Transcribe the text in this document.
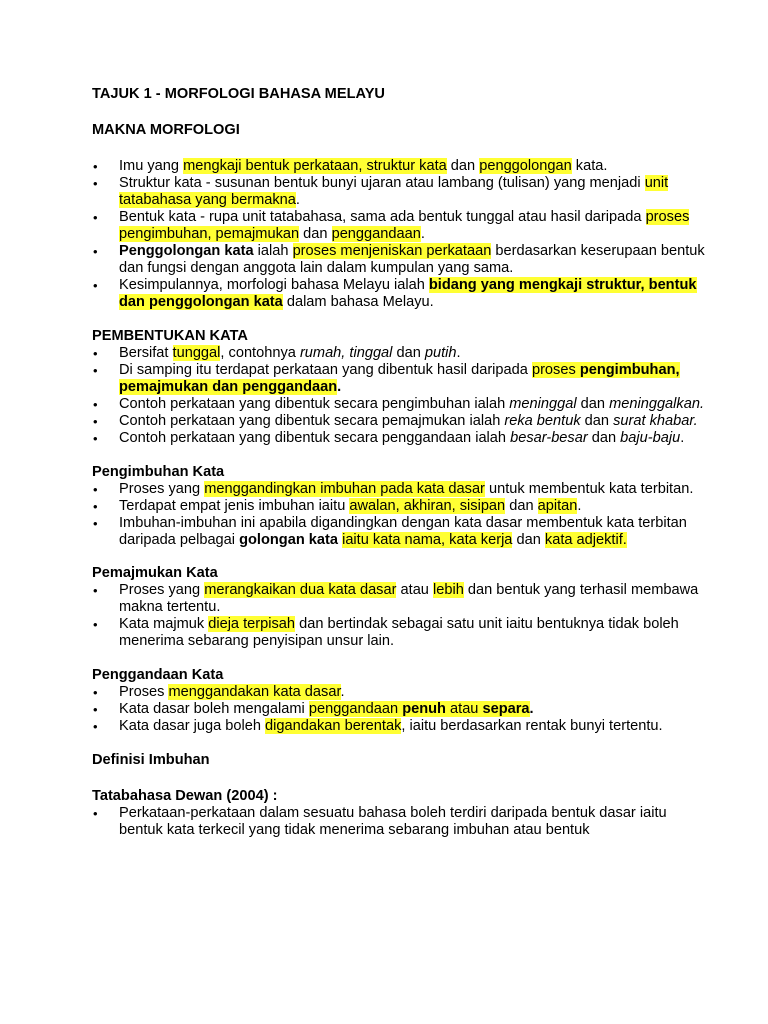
TAJUK 1 - MORFOLOGI BAHASA MELAYU
MAKNA MORFOLOGI
• Imu yang mengkaji bentuk perkataan, struktur kata dan penggolongan kata.
• Struktur kata - susunan bentuk bunyi ujaran atau lambang (tulisan) yang menjadi unit tatabahasa yang bermakna.
• Bentuk kata - rupa unit tatabahasa, sama ada bentuk tunggal atau hasil daripada proses pengimbuhan, pemajmukan dan penggandaan.
• Penggolongan kata ialah proses menjeniskan perkataan berdasarkan keserupaan bentuk dan fungsi dengan anggota lain dalam kumpulan yang sama.
• Kesimpulannya, morfologi bahasa Melayu ialah bidang yang mengkaji struktur, bentuk dan penggolongan kata dalam bahasa Melayu.
PEMBENTUKAN KATA
• Bersifat tunggal, contohnya rumah, tinggal dan putih.
• Di samping itu terdapat perkataan yang dibentuk hasil daripada proses pengimbuhan, pemajmukan dan penggandaan.
• Contoh perkataan yang dibentuk secara pengimbuhan ialah meninggal dan meninggalkan.
• Contoh perkataan yang dibentuk secara pemajmukan ialah reka bentuk dan surat khabar.
• Contoh perkataan yang dibentuk secara penggandaan ialah besar-besar dan baju-baju.
Pengimbuhan Kata
• Proses yang menggandingkan imbuhan pada kata dasar untuk membentuk kata terbitan.
• Terdapat empat jenis imbuhan iaitu awalan, akhiran, sisipan dan apitan.
• Imbuhan-imbuhan ini apabila digandingkan dengan kata dasar membentuk kata terbitan daripada pelbagai golongan kata iaitu kata nama, kata kerja dan kata adjektif.
Pemajmukan Kata
• Proses yang merangkaikan dua kata dasar atau lebih dan bentuk yang terhasil membawa makna tertentu.
• Kata majmuk dieja terpisah dan bertindak sebagai satu unit iaitu bentuknya tidak boleh menerima sebarang penyisipan unsur lain.
Penggandaan Kata
• Proses menggandakan kata dasar.
• Kata dasar boleh mengalami penggandaan penuh atau separa.
• Kata dasar juga boleh digandakan berentak, iaitu berdasarkan rentak bunyi tertentu.
Definisi Imbuhan
Tatabahasa Dewan (2004) :
• Perkataan-perkataan dalam sesuatu bahasa boleh terdiri daripada bentuk dasar iaitu bentuk kata terkecil yang tidak menerima sebarang imbuhan atau bentuk
